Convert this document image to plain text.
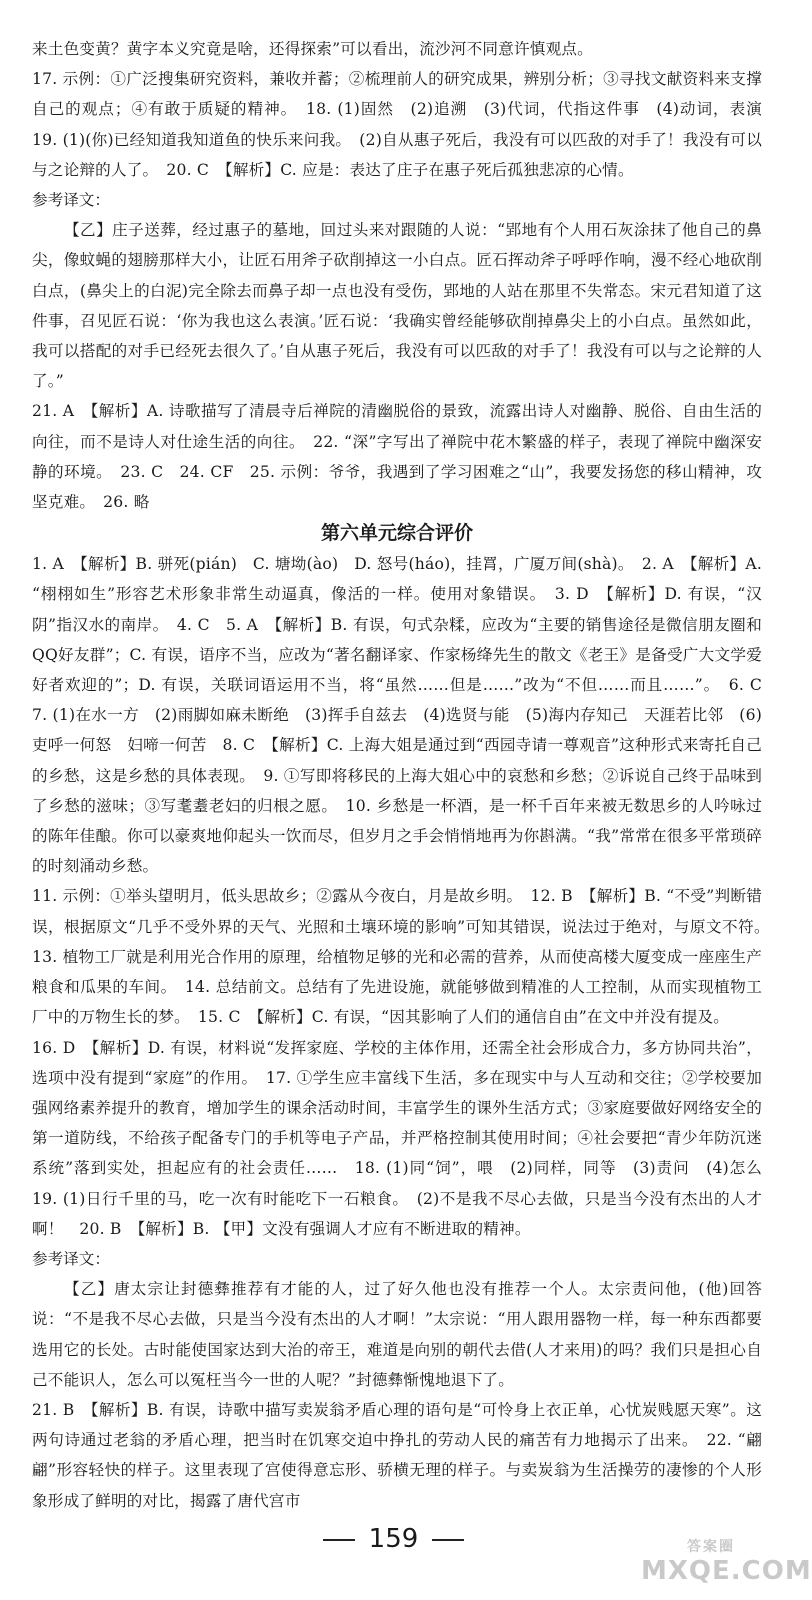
来土色变黄？黄字本义究竟是啥，还得探索”可以看出，流沙河不同意许慎观点。

17. 示例：①广泛搜集研究资料，兼收并蓄；②梳理前人的研究成果，辨别分析；③寻找文献资料来支撑自己的观点；④有敢于质疑的精神。　18. (1)固然　(2)追溯　(3)代词，代指这件事　(4)动词，表演　19. (1)(你)已经知道我知道鱼的快乐来问我。　(2)自从惠子死后，我没有可以匹敌的对手了！我没有可以与之论辩的人了。　20. C　【解析】C. 应是：表达了庄子在惠子死后孤独悲凉的心情。

参考译文：

【乙】庄子送葬，经过惠子的墓地，回过头来对跟随的人说：“郢地有个人用石灰涂抹了他自己的鼻尖，像蚊蝇的翅膀那样大小，让匠石用斧子砍削掉这一小白点。匠石挥动斧子呼呼作响，漫不经心地砍削白点，(鼻尖上的白泥)完全除去而鼻子却一点也没有受伤，郢地的人站在那里不失常态。宋元君知道了这件事，召见匠石说：‘你为我也这么表演。’匠石说：‘我确实曾经能够砍削掉鼻尖上的小白点。虽然如此，我可以搭配的对手已经死去很久了。’自从惠子死后，我没有可以匹敌的对手了！我没有可以与之论辩的人了。”

21. A　【解析】A. 诗歌描写了清晨寺后禅院的清幽脱俗的景致，流露出诗人对幽静、脱俗、自由生活的向往，而不是诗人对仕途生活的向往。　22. “深”字写出了禅院中花木繁盛的样子，表现了禅院中幽深安静的环境。　23. C　24. CF　25. 示例：爷爷，我遇到了学习困难之“山”，我要发扬您的移山精神，攻坚克难。　26. 略

第六单元综合评价

1. A　【解析】B. 骈死(pián)　C. 塘坳(ào)　D. 怒号(háo)，挂罥，广厦万间(shà)。　2. A　【解析】A. “栩栩如生”形容艺术形象非常生动逼真，像活的一样。使用对象错误。　3. D　【解析】D. 有误，“汉阴”指汉水的南岸。　4. C　5. A　【解析】B. 有误，句式杂糅，应改为“主要的销售途径是微信朋友圈和QQ好友群”；C. 有误，语序不当，应改为“著名翻译家、作家杨绛先生的散文《老王》是备受广大文学爱好者欢迎的”；D. 有误，关联词语运用不当，将“虽然……但是……”改为“不但……而且……”。　6. C　7. (1)在水一方　(2)雨脚如麻未断绝　(3)挥手自兹去　(4)选贤与能　(5)海内存知己　天涯若比邻　(6)吏呼一何怒　妇啼一何苦　8. C　【解析】C. 上海大姐是通过到“西园寺请一尊观音”这种形式来寄托自己的乡愁，这是乡愁的具体表现。　9. ①写即将移民的上海大姐心中的哀愁和乡愁；②诉说自己终于品味到了乡愁的滋味；③写耄耋老妇的归根之愿。　10. 乡愁是一杯酒，是一杯千百年来被无数思乡的人吟咏过的陈年佳酿。你可以豪爽地仰起头一饮而尽，但岁月之手会悄悄地再为你斟满。“我”常常在很多平常琐碎的时刻涌动乡愁。

11. 示例：①举头望明月，低头思故乡；②露从今夜白，月是故乡明。　12. B　【解析】B. “不受”判断错误，根据原文“几乎不受外界的天气、光照和土壤环境的影响”可知其错误，说法过于绝对，与原文不符。　13. 植物工厂就是利用光合作用的原理，给植物足够的光和必需的营养，从而使高楼大厦变成一座座生产粮食和瓜果的车间。　14. 总结前文。总结有了先进设施，就能够做到精准的人工控制，从而实现植物工厂中的万物生长的梦。　15. C　【解析】C. 有误，“因其影响了人们的通信自由”在文中并没有提及。

16. D　【解析】D. 有误，材料说“发挥家庭、学校的主体作用，还需全社会形成合力，多方协同共治”，选项中没有提到“家庭”的作用。　17. ①学生应丰富线下生活，多在现实中与人互动和交往；②学校要加强网络素养提升的教育，增加学生的课余活动时间，丰富学生的课外生活方式；③家庭要做好网络安全的第一道防线，不给孩子配备专门的手机等电子产品，并严格控制其使用时间；④社会要把“青少年防沉迷系统”落到实处，担起应有的社会责任……　18. (1)同“饲”，喂　(2)同样，同等　(3)责问　(4)怎么　19. (1)日行千里的马，吃一次有时能吃下一石粮食。　(2)不是我不尽心去做，只是当今没有杰出的人才啊！　20. B　【解析】B. 【甲】文没有强调人才应有不断进取的精神。

参考译文：

【乙】唐太宗让封德彝推荐有才能的人，过了好久他也没有推荐一个人。太宗责问他，(他)回答说：“不是我不尽心去做，只是当今没有杰出的人才啊！”太宗说：“用人跟用器物一样，每一种东西都要选用它的长处。古时能使国家达到大治的帝王，难道是向别的朝代去借(人才来用)的吗？我们只是担心自己不能识人，怎么可以冤枉当今一世的人呢？”封德彝惭愧地退下了。

21. B　【解析】B. 有误，诗歌中描写卖炭翁矛盾心理的语句是“可怜身上衣正单，心忧炭贱愿天寒”。这两句诗通过老翁的矛盾心理，把当时在饥寒交迫中挣扎的劳动人民的痛苦有力地揭示了出来。　22. “翩翩”形容轻快的样子。这里表现了宫使得意忘形、骄横无理的样子。与卖炭翁为生活操劳的凄惨的个人形象形成了鲜明的对比，揭露了唐代宫市

159	答案圈
MXQE.COM
